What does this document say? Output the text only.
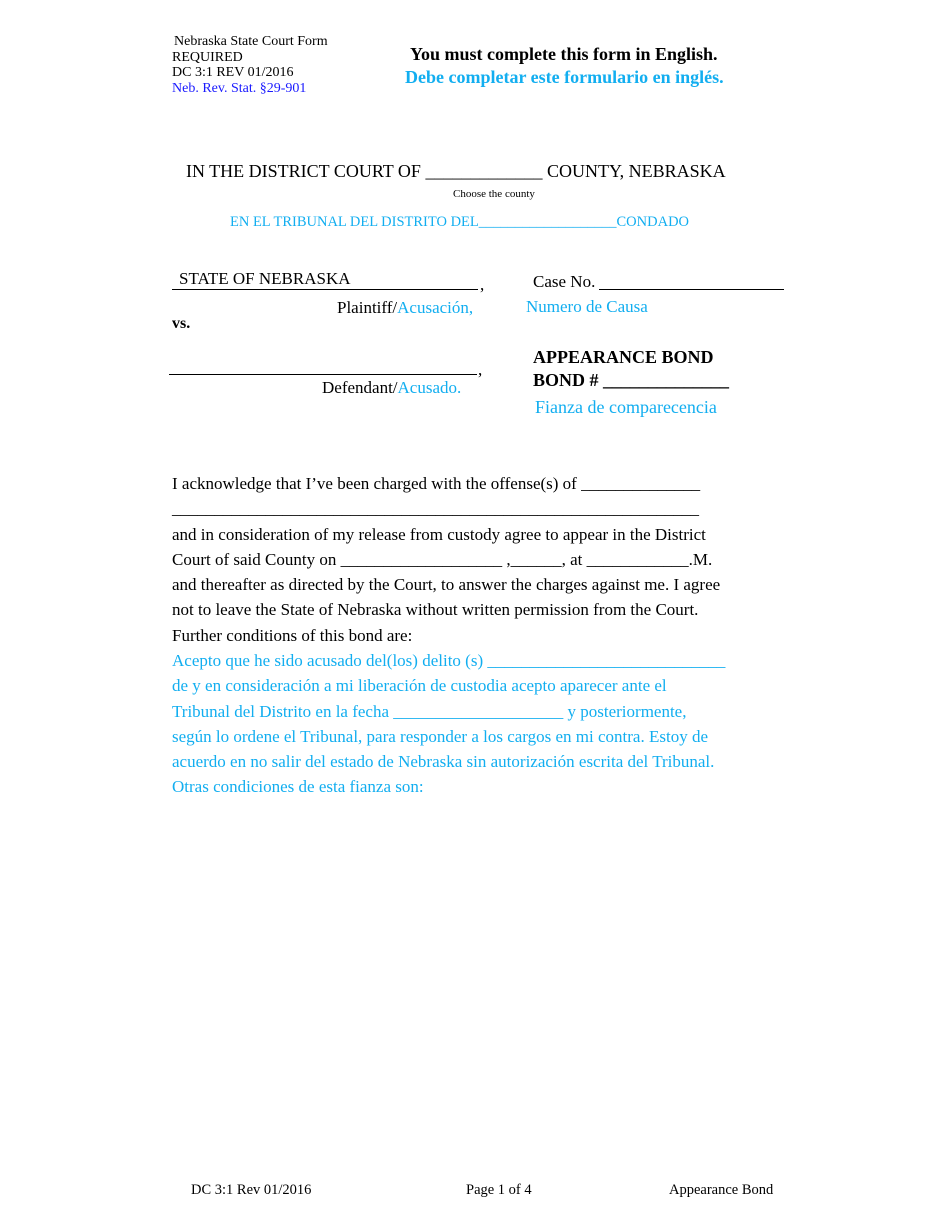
Nebraska State Court Form
REQUIRED
DC 3:1 REV 01/2016
Neb. Rev. Stat. §29-901
You must complete this form in English.
Debe completar este formulario en inglés.
IN THE DISTRICT COURT OF _____________ COUNTY, NEBRASKA
Choose the county
EN EL TRIBUNAL DEL DISTRITO DEL___________________CONDADO
STATE OF NEBRASKA	,
Plaintiff/Acusación,
vs.
,
Defendant/Acusado.
Case No.
Numero de Causa
APPEARANCE BOND
BOND # ______________
Fianza de comparecencia
I acknowledge that I’ve been charged with the offense(s) of ______________
______________________________________________________________
and in consideration of my release from custody agree to appear in the District
Court of said County on ___________________ ,______, at ____________.M.
and thereafter as directed by the Court, to answer the charges against me. I agree
not to leave the State of Nebraska without written permission from the Court.
Further conditions of this bond are:
Acepto que he sido acusado del(los) delito (s) ____________________________
de y en consideración a mi liberación de custodia acepto aparecer ante el
Tribunal del Distrito en la fecha ____________________ y posteriormente,
según lo ordene el Tribunal, para responder a los cargos en mi contra. Estoy de
acuerdo en no salir del estado de Nebraska sin autorización escrita del Tribunal.
Otras condiciones de esta fianza son:
DC 3:1 Rev 01/2016	Page 1 of 4	Appearance Bond
